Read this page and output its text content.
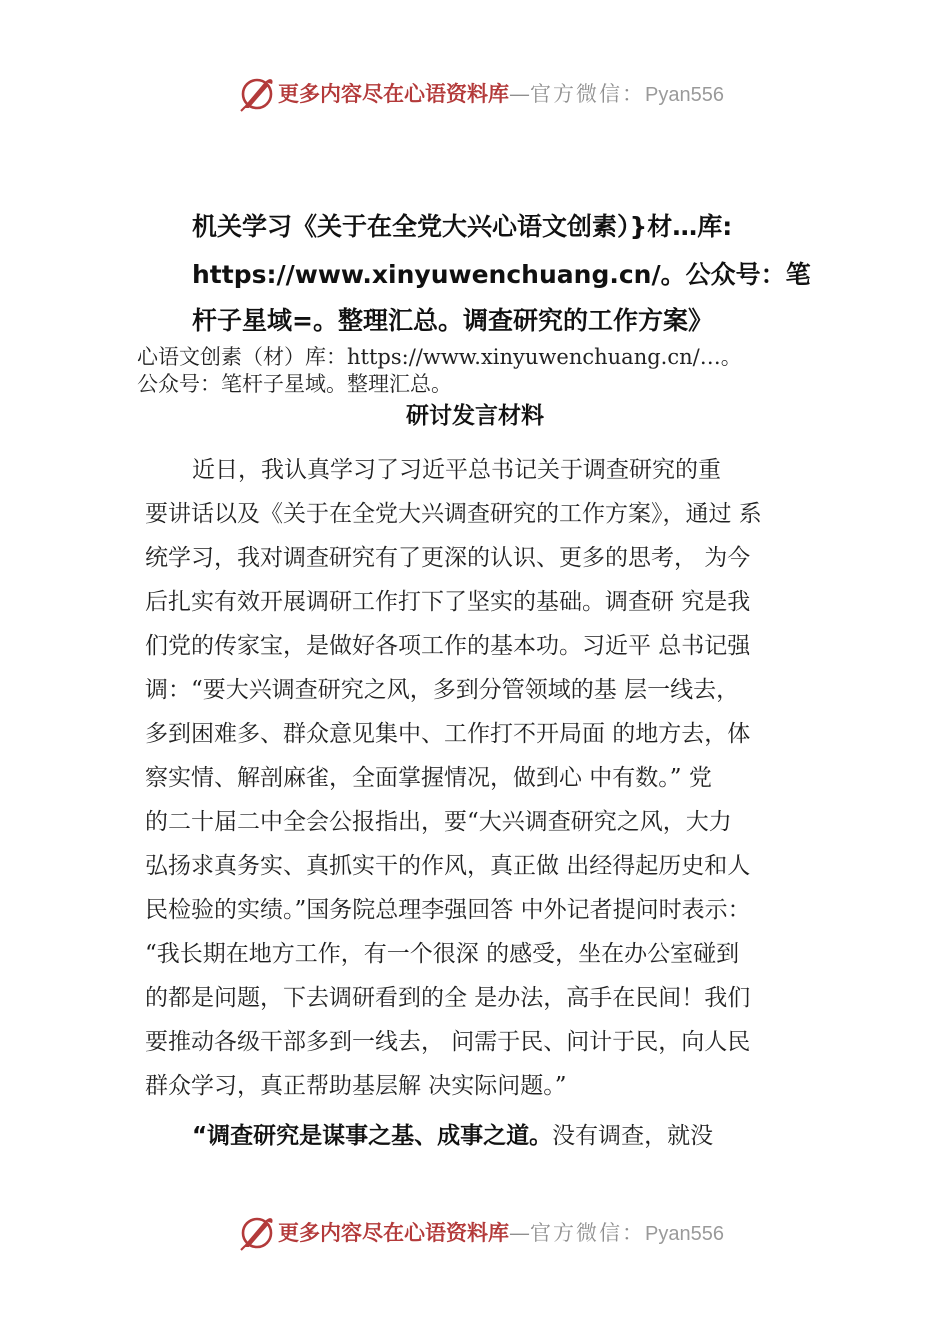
更多内容尽在心语资料库—官方微信：Pyan556
机关学习《关于在全党大兴心语文创素）}材…库:
https://www.xinyuwenchuang.cn/。公众号：笔
杆子星域=。整理汇总。调查研究的工作方案》
心语文创素（材）库：https://www.xinyuwenchuang.cn/…。
公众号：笔杆子星域。整理汇总。
研讨发言材料
近日，我认真学习了习近平总书记关于调查研究的重
要讲话以及《关于在全党大兴调查研究的工作方案》，通过 系
统学习，我对调查研究有了更深的认识、更多的思考， 为今
后扎实有效开展调研工作打下了坚实的基础。调查研 究是我
们党的传家宝，是做好各项工作的基本功。习近平 总书记强
调：“要大兴调查研究之风，多到分管领域的基 层一线去，
多到困难多、群众意见集中、工作打不开局面 的地方去，体
察实情、解剖麻雀，全面掌握情况，做到心 中有数。” 党
的二十届二中全会公报指出，要“大兴调查研究之风，大力
弘扬求真务实、真抓实干的作风，真正做 出经得起历史和人
民检验的实绩。”国务院总理李强回答 中外记者提问时表示：
“我长期在地方工作，有一个很深 的感受，坐在办公室碰到
的都是问题，下去调研看到的全 是办法，高手在民间！我们
要推动各级干部多到一线去， 问需于民、问计于民，向人民
群众学习，真正帮助基层解 决实际问题。”
“调查研究是谋事之基、成事之道。没有调查，就没
更多内容尽在心语资料库—官方微信：Pyan556
